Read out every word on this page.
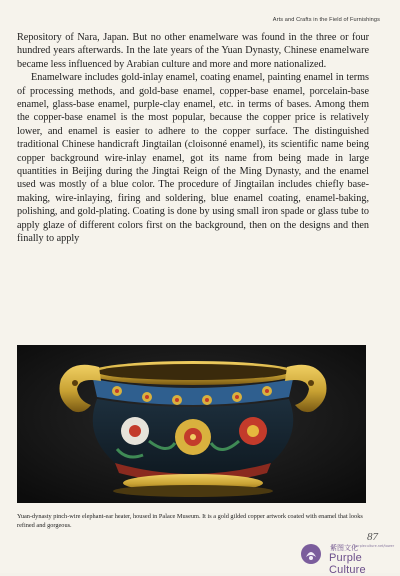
Arts and Crafts in the Field of Furnishings

Repository of Nara, Japan. But no other enamelware was found in the three or four hundred years afterwards. In the late years of the Yuan Dynasty, Chinese enamelware became less influenced by Arabian culture and more and more nationalized.

Enamelware includes gold-inlay enamel, coating enamel, painting enamel in terms of processing methods, and gold-base enamel, copper-base enamel, porcelain-base enamel, glass-base enamel, purple-clay enamel, etc. in terms of bases. Among them the copper-base enamel is the most popular, because the copper price is relatively lower, and enamel is easier to adhere to the copper surface. The distinguished traditional Chinese handicraft Jingtailan (cloisonné enamel), its scientific name being copper background wire-inlay enamel, got its name from being made in large quantities in Beijing during the Jingtai Reign of the Ming Dynasty, and the enamel used was mostly of a blue color. The procedure of Jingtailan includes chiefly base-making, wire-inlaying, firing and soldering, blue enamel coating, enamel-baking, polishing, and gold-plating. Coating is done by using small iron spade or glass tube to apply glaze of different colors first on the background, then on the designs and then finally to apply

Yuan-dynasty pinch-wire elephant-ear heater, housed in Palace Museum. It is a gold gilded copper artwork coated with enamel that looks refined and gorgeous.
87
紫图文化
purpleculture.net/tower
Purple Culture
